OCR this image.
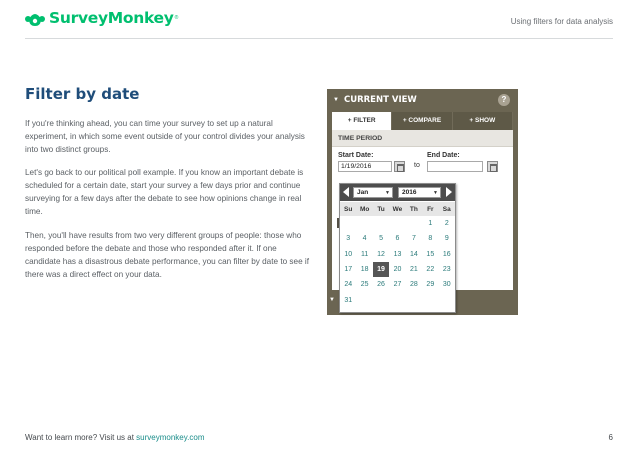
SurveyMonkey ®	Using filters for data analysis
Filter by date

If you're thinking ahead, you can time your survey to set up a natural experiment, in which some event outside of your control divides your analysis into two distinct groups.

Let's go back to our political poll example. If you know an important debate is scheduled for a certain date, start your survey a few days prior and continue surveying for a few days after the debate to see how opinions change in real time.

Then, you'll have results from two very different groups of people: those who responded before the debate and those who responded after it. If one candidate has a disastrous debate performance, you can filter by date to see if there was a direct effect on your data.

▼ CURRENT VIEW	?
+ FILTER	+ COMPARE	+ SHOW
TIME PERIOD
Start Date:	End Date:
1/19/2016	to
▼
Jan	▼	2016	▼
Su	Mo	Tu	We	Th	Fr	Sa
					1	2
3	4	5	6	7	8	9
10	11	12	13	14	15	16
17	18	19	20	21	22	23
24	25	26	27	28	29	30
31						
Want to learn more? Visit us at surveymonkey.com	6
